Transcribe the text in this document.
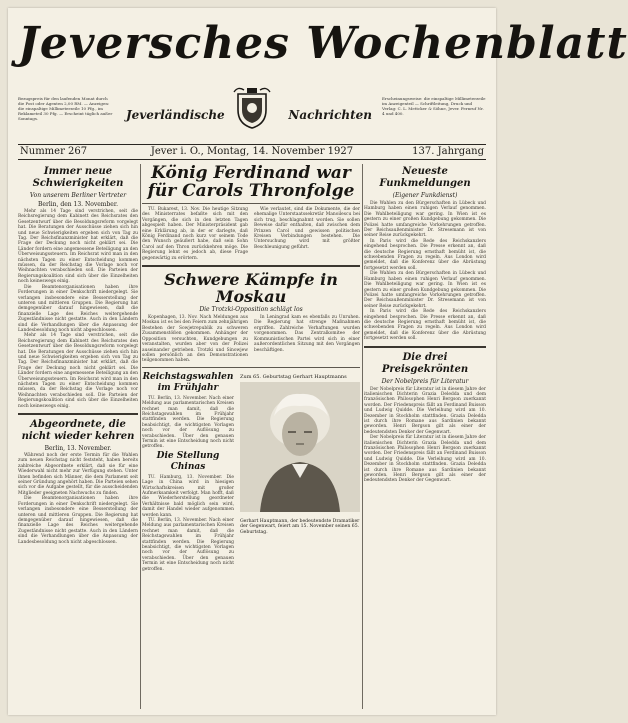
Jeversches Wochenblatt
Bezugspreis für den laufenden Monat durch die Post oder Agenten 2,00 RM. — Anzeigen: die einspaltige Millimeterzeile 10 Pfg., im Reklameteil 30 Pfg. — Erscheint täglich außer Sonntags.	Jeverländische	Nachrichten
Erscheinungsweise: die einspaltige Millimeterzeile im Anzeigenteil — Schriftleitung, Druck und Verlag: C. L. Mettcker & Söhne, Jever. Fernruf Nr. 4 und 400.
Nummer 267	Jever i. O., Montag, 14. November 1927	137. Jahrgang
Immer neue Schwierigkeiten
Von unserem Berliner Vertreter
Berlin, den 13. November.

Mehr als 14 Tage sind verstrichen, seit die Reichsregierung dem Kabinett des Reichsrates den Gesetzentwurf über die Besoldungsreform vorgelegt hat. Die Beratungen der Ausschüsse ziehen sich hin und neue Schwierigkeiten ergeben sich von Tag zu Tag. Der Reichsfinanzminister hat erklärt, daß die Frage der Deckung noch nicht geklärt sei. Die Länder fordern eine angemessene Beteiligung an den Überweisungssteuern. Im Reichsrat wird man in den nächsten Tagen zu einer Entscheidung kommen müssen, da der Reichstag die Vorlage noch vor Weihnachten verabschieden soll. Die Parteien der Regierungskoalition sind sich über die Einzelheiten noch keineswegs einig.

Die Beamtenorganisationen haben ihre Forderungen in einer Denkschrift niedergelegt. Sie verlangen insbesondere eine Besserstellung der unteren und mittleren Gruppen. Die Regierung hat demgegenüber darauf hingewiesen, daß die finanzielle Lage des Reiches weitergehende Zugeständnisse nicht gestatte. Auch in den Ländern sind die Verhandlungen über die Anpassung der Landesbesoldung noch nicht abgeschlossen.

Mehr als 14 Tage sind verstrichen, seit die Reichsregierung dem Kabinett des Reichsrates den Gesetzentwurf über die Besoldungsreform vorgelegt hat. Die Beratungen der Ausschüsse ziehen sich hin und neue Schwierigkeiten ergeben sich von Tag zu Tag. Der Reichsfinanzminister hat erklärt, daß die Frage der Deckung noch nicht geklärt sei. Die Länder fordern eine angemessene Beteiligung an den Überweisungssteuern. Im Reichsrat wird man in den nächsten Tagen zu einer Entscheidung kommen müssen, da der Reichstag die Vorlage noch vor Weihnachten verabschieden soll. Die Parteien der Regierungskoalition sind sich über die Einzelheiten noch keineswegs einig.

Abgeordnete, die nicht wieder kehren
Berlin, 13. November.

Während noch der erste Termin für die Wahlen zum neuen Reichstag nicht feststeht, haben bereits zahlreiche Abgeordnete erklärt, daß sie für eine Wiederwahl nicht mehr zur Verfügung stehen. Unter ihnen befinden sich Männer, die dem Parlament seit seiner Gründung angehört haben. Die Parteien sehen sich vor die Aufgabe gestellt, für die ausscheidenden Mitglieder geeigneten Nachwuchs zu finden.

Die Beamtenorganisationen haben ihre Forderungen in einer Denkschrift niedergelegt. Sie verlangen insbesondere eine Besserstellung der unteren und mittleren Gruppen. Die Regierung hat demgegenüber darauf hingewiesen, daß die finanzielle Lage des Reiches weitergehende Zugeständnisse nicht gestatte. Auch in den Ländern sind die Verhandlungen über die Anpassung der Landesbesoldung noch nicht abgeschlossen.

König Ferdinand war für Carols Thronfolge

TU. Bukarest, 13. Nov. Die heutige Sitzung des Ministerrates befaßte sich mit den Vorgängen, die sich in den letzten Tagen abgespielt haben. Der Ministerpräsident gab eine Erklärung ab, in der er darlegte, daß König Ferdinand noch kurz vor seinem Tode den Wunsch geäußert habe, daß sein Sohn Carol auf den Thron zurückkehren möge. Die Regierung lehnt es jedoch ab, diese Frage gegenwärtig zu erörtern.

Wie verlautet, sind die Dokumente, die der ehemalige Unterstaatssekretär Manoilescu bei sich trug, beschlagnahmt worden. Sie sollen Beweise dafür enthalten, daß zwischen dem Prinzen Carol und gewissen politischen Kreisen Verbindungen bestehen. Die Untersuchung wird mit größter Beschleunigung geführt.

Schwere Kämpfe in Moskau
Die Trotzki-Opposition schlägt los

Kopenhagen, 13. Nov. Nach Meldungen aus Moskau ist es bei den Feiern zum zehnjährigen Bestehen der Sowjetrepublik zu schweren Zusammenstößen gekommen. Anhänger der Opposition versuchten, Kundgebungen zu veranstalten, wurden aber von der Polizei auseinander getrieben. Trotzki und Sinowjew sollen persönlich an den Demonstrationen teilgenommen haben.

In Leningrad kam es ebenfalls zu Unruhen. Die Regierung hat strenge Maßnahmen ergriffen. Zahlreiche Verhaftungen wurden vorgenommen. Das Zentralkomitee der Kommunistischen Partei wird sich in einer außerordentlichen Sitzung mit den Vorgängen beschäftigen.

Reichstagswahlen im Frühjahr

TU. Berlin, 13. November. Nach einer Meldung aus parlamentarischen Kreisen rechnet man damit, daß die Reichstagswahlen im Frühjahr stattfinden werden. Die Regierung beabsichtigt, die wichtigsten Vorlagen noch vor der Auflösung zu verabschieden. Über den genauen Termin ist eine Entscheidung noch nicht getroffen.

Die Stellung Chinas

TU. Hamburg, 13. November. Die Lage in China wird in hiesigen Wirtschaftskreisen mit großer Aufmerksamkeit verfolgt. Man hofft, daß die Wiederherstellung geordneter Verhältnisse bald möglich sein wird, damit der Handel wieder aufgenommen werden kann.

TU. Berlin, 13. November. Nach einer Meldung aus parlamentarischen Kreisen rechnet man damit, daß die Reichstagswahlen im Frühjahr stattfinden werden. Die Regierung beabsichtigt, die wichtigsten Vorlagen noch vor der Auflösung zu verabschieden. Über den genauen Termin ist eine Entscheidung noch nicht getroffen.

Zum 65. Geburtstag Gerhart Hauptmanns
Gerhart Hauptmann, der bedeutendste Dramatiker der Gegenwart, feiert am 15. November seinen 65. Geburtstag.
Neueste Funkmeldungen
(Eigener Funkdienst)

Die Wahlen zu den Bürgerschaften in Lübeck und Hamburg haben einen ruhigen Verlauf genommen. Die Wahlbeteiligung war gering. In Wien ist es gestern zu einer großen Kundgebung gekommen. Die Polizei hatte umfangreiche Vorkehrungen getroffen. Der Reichsaußenminister Dr. Stresemann ist von seiner Reise zurückgekehrt.

In Paris wird die Rede des Reichskanzlers eingehend besprochen. Die Presse erkennt an, daß die deutsche Regierung ernsthaft bemüht ist, die schwebenden Fragen zu regeln. Aus London wird gemeldet, daß die Konferenz über die Abrüstung fortgesetzt werden soll.

Die Wahlen zu den Bürgerschaften in Lübeck und Hamburg haben einen ruhigen Verlauf genommen. Die Wahlbeteiligung war gering. In Wien ist es gestern zu einer großen Kundgebung gekommen. Die Polizei hatte umfangreiche Vorkehrungen getroffen. Der Reichsaußenminister Dr. Stresemann ist von seiner Reise zurückgekehrt.

In Paris wird die Rede des Reichskanzlers eingehend besprochen. Die Presse erkennt an, daß die deutsche Regierung ernsthaft bemüht ist, die schwebenden Fragen zu regeln. Aus London wird gemeldet, daß die Konferenz über die Abrüstung fortgesetzt werden soll.

Die drei Preisgekrönten
Der Nobelpreis für Literatur

Der Nobelpreis für Literatur ist in diesem Jahre der italienischen Dichterin Grazia Deledda und dem französischen Philosophen Henri Bergson zuerkannt worden. Der Friedenspreis fällt an Ferdinand Buisson und Ludwig Quidde. Die Verleihung wird am 10. Dezember in Stockholm stattfinden. Grazia Deledda ist durch ihre Romane aus Sardinien bekannt geworden. Henri Bergson gilt als einer der bedeutendsten Denker der Gegenwart.

Der Nobelpreis für Literatur ist in diesem Jahre der italienischen Dichterin Grazia Deledda und dem französischen Philosophen Henri Bergson zuerkannt worden. Der Friedenspreis fällt an Ferdinand Buisson und Ludwig Quidde. Die Verleihung wird am 10. Dezember in Stockholm stattfinden. Grazia Deledda ist durch ihre Romane aus Sardinien bekannt geworden. Henri Bergson gilt als einer der bedeutendsten Denker der Gegenwart.
